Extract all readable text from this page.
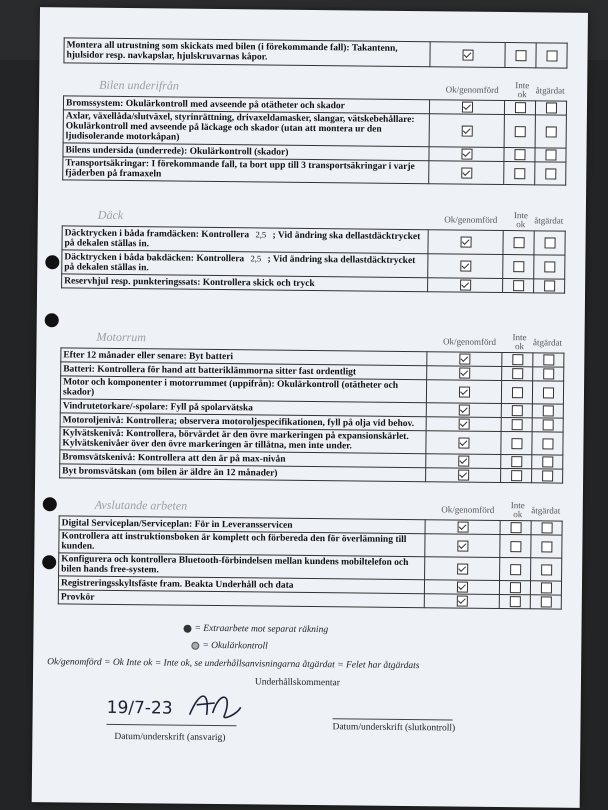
Montera all utrustning som skickats med bilen (i förekommande fall): Takantenn, hjulsidor resp. navkapslar, hjulskruvarnas kåpor.			
Bilen underifrån	Ok/genomförd	Inte ok åtgärdat
Bromssystem: Okulärkontroll med avseende på otätheter och skador			
Axlar, växellåda/slutväxel, styrinrättning, drivaxeldamasker, slangar, vätskebehållare: Okulärkontroll med avseende på läckage och skador (utan att montera ur den ljudisolerande motorkåpan)			
Bilens undersida (underrede): Okulärkontroll (skador)			
Transportsäkringar: I förekommande fall, ta bort upp till 3 transportsäkringar i varje fjäderben på framaxeln			
Däck	Ok/genomförd	Inte ok åtgärdat
Däcktrycken i båda framdäcken: Kontrollera 2,5 ; Vid ändring ska dellastdäcktrycket på dekalen ställas in.			
Däcktrycken i båda bakdäcken: Kontrollera 2,5 ; Vid ändring ska dellastdäcktrycket på dekalen ställas in.			
Reservhjul resp. punkteringssats: Kontrollera skick och tryck			
Motorrum	Ok/genomförd	Inte ok åtgärdat
Efter 12 månader eller senare: Byt batteri			
Batteri: Kontrollera för hand att batteriklämmorna sitter fast ordentligt			
Motor och komponenter i motorrummet (uppifrån): Okulärkontroll (otätheter och skador)			
Vindrutetorkare/-spolare: Fyll på spolarvätska			
Motoroljenivå: Kontrollera; observera motoroljespecifikationen, fyll på olja vid behov.			
Kylvätskenivå: Kontrollera, börvärdet är den övre markeringen på expansionskärlet. Kylvätskenivåer över den övre markeringen är tillåtna, men inte under.			
Bromsvätskenivå: Kontrollera att den är på max-nivån			
Byt bromsvätskan (om bilen är äldre än 12 månader)			
Avslutande arbeten	Ok/genomförd	Inte ok åtgärdat
Digital Serviceplan/Serviceplan: För in Leveransservicen			
Kontrollera att instruktionsboken är komplett och förbereda den för överlämning till kunden.			
Konfigurera och kontrollera Bluetooth-förbindelsen mellan kundens mobiltelefon och bilen hands free-system.			
Registreringsskyltsfäste fram. Beakta Underhåll och data			
Provkör			
= Extraarbete mot separat räkning
= Okulärkontroll
Ok/genomförd = Ok Inte ok = Inte ok, se underhållsanvisningarna åtgärdat = Felet har åtgärdats
Underhållskommentar
19/7-23
Datum/underskrift (ansvarig)
Datum/underskrift (slutkontroll)
